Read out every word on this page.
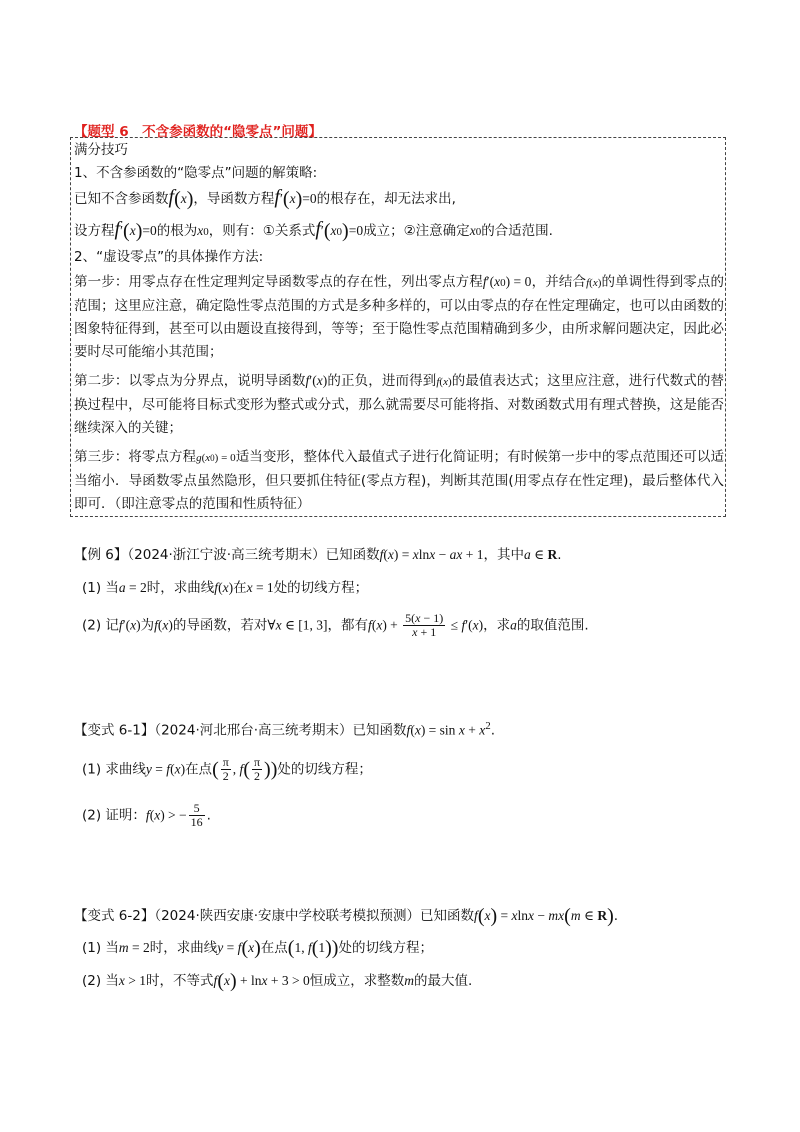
【题型 6　不含参函数的“隐零点”问题】
满分技巧
1、不含参函数的“隐零点”问题的解策略:
已知不含参函数f(x)，导函数方程f′(x)=0的根存在，却无法求出,
设方程f′(x)=0的根为x0，则有：①关系式f′(x0)=0成立；②注意确定x0的合适范围.
2、“虚设零点”的具体操作方法:
第一步：用零点存在性定理判定导函数零点的存在性，列出零点方程f′(x0) = 0，并结合f(x)的单调性得到零点的范围；这里应注意，确定隐性零点范围的方式是多种多样的，可以由零点的存在性定理确定，也可以由函数的图象特征得到，甚至可以由题设直接得到，等等；至于隐性零点范围精确到多少，由所求解问题决定，因此必要时尽可能缩小其范围；
第二步：以零点为分界点，说明导函数f′(x)的正负，进而得到f(x)的最值表达式；这里应注意，进行代数式的替换过程中，尽可能将目标式变形为整式或分式，那么就需要尽可能将指、对数函数式用有理式替换，这是能否继续深入的关键；
第三步：将零点方程g(x0) = 0适当变形，整体代入最值式子进行化简证明；有时候第一步中的零点范围还可以适当缩小．导函数零点虽然隐形，但只要抓住特征(零点方程)，判断其范围(用零点存在性定理)，最后整体代入即可．（即注意零点的范围和性质特征）
【例 6】（2024·浙江宁波·高三统考期末）已知函数f(x) = xlnx − ax + 1，其中a ∈ R.
(1) 当a = 2时，求曲线f(x)在x = 1处的切线方程；
(2) 记f′(x)为f(x)的导函数，若对∀x ∈ [1, 3]，都有$f(x) + \frac{5(x - 1)}{x + 1} \le f'(x)$，求a的取值范围.
【变式 6-1】（2024·河北邢台·高三统考期末）已知函数$f(x) = \sin x + x^2$.
(1) 求曲线y = f(x)在点( $\frac{\pi}{2}$ , $f( \frac{\pi}{2}$ ))处的切线方程；
(2) 证明：f(x) > − $\frac{5}{16}$ .
【变式 6-2】（2024·陕西安康·安康中学校联考模拟预测）已知函数f(x) = xlnx − mx(m ∈ R).
(1) 当m = 2时，求曲线y = f(x)在点(1, f(1))处的切线方程；
(2) 当x > 1时，不等式f(x) + lnx + 3 > 0恒成立，求整数m的最大值.
